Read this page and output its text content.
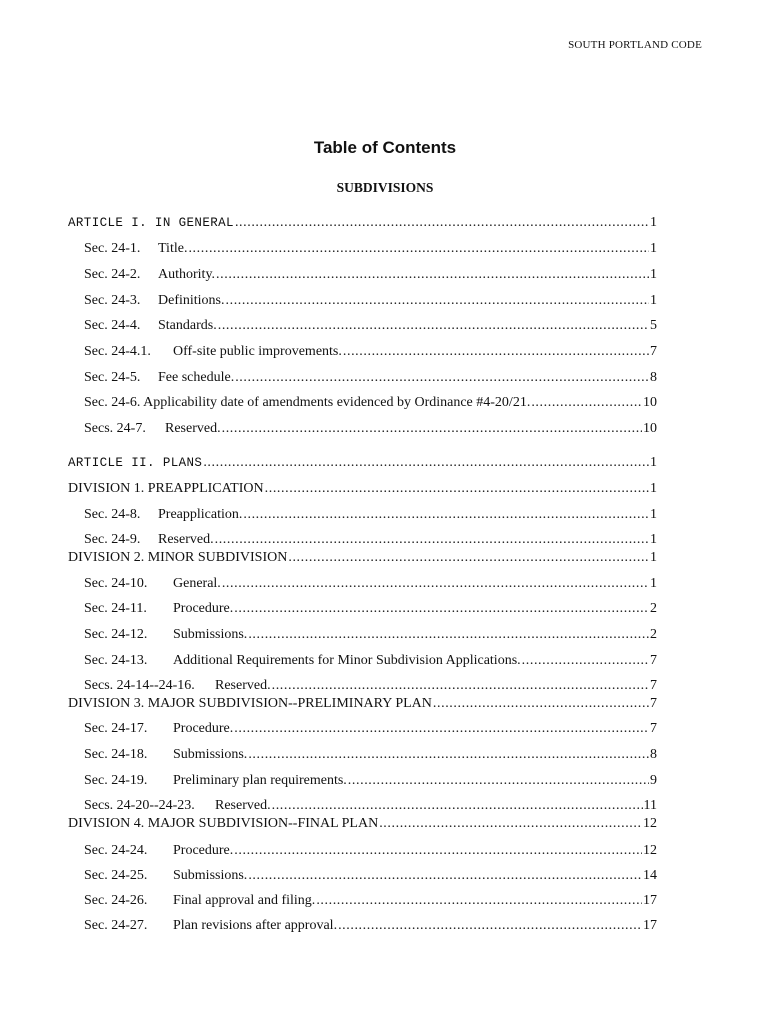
SOUTH PORTLAND CODE
Table of Contents
SUBDIVISIONS
ARTICLE I. IN GENERAL .....	1
Sec. 24-1. Title. .....	1
Sec. 24-2. Authority. .....	1
Sec. 24-3. Definitions. .....	1
Sec. 24-4. Standards. .....	5
Sec. 24-4.1. Off-site public improvements. .....	7
Sec. 24-5. Fee schedule. .....	8
Sec. 24-6. Applicability date of amendments evidenced by Ordinance #4-20/21. .....	10
Secs. 24-7. Reserved. .....	10
ARTICLE II. PLANS .....	1
DIVISION 1. PREAPPLICATION .....	1
Sec. 24-8. Preapplication. .....	1
Sec. 24-9. Reserved. .....	1
DIVISION 2. MINOR SUBDIVISION .....	1
Sec. 24-10. General. .....	1
Sec. 24-11. Procedure. .....	2
Sec. 24-12. Submissions. .....	2
Sec. 24-13. Additional Requirements for Minor Subdivision Applications. .....	7
Secs. 24-14--24-16. Reserved. .....	7
DIVISION 3. MAJOR SUBDIVISION--PRELIMINARY PLAN .....	7
Sec. 24-17. Procedure. .....	7
Sec. 24-18. Submissions. .....	8
Sec. 24-19. Preliminary plan requirements. .....	9
Secs. 24-20--24-23. Reserved. .....	11
DIVISION 4. MAJOR SUBDIVISION--FINAL PLAN .....	12
Sec. 24-24. Procedure. .....	12
Sec. 24-25. Submissions. .....	14
Sec. 24-26. Final approval and filing. .....	17
Sec. 24-27. Plan revisions after approval. .....	17
